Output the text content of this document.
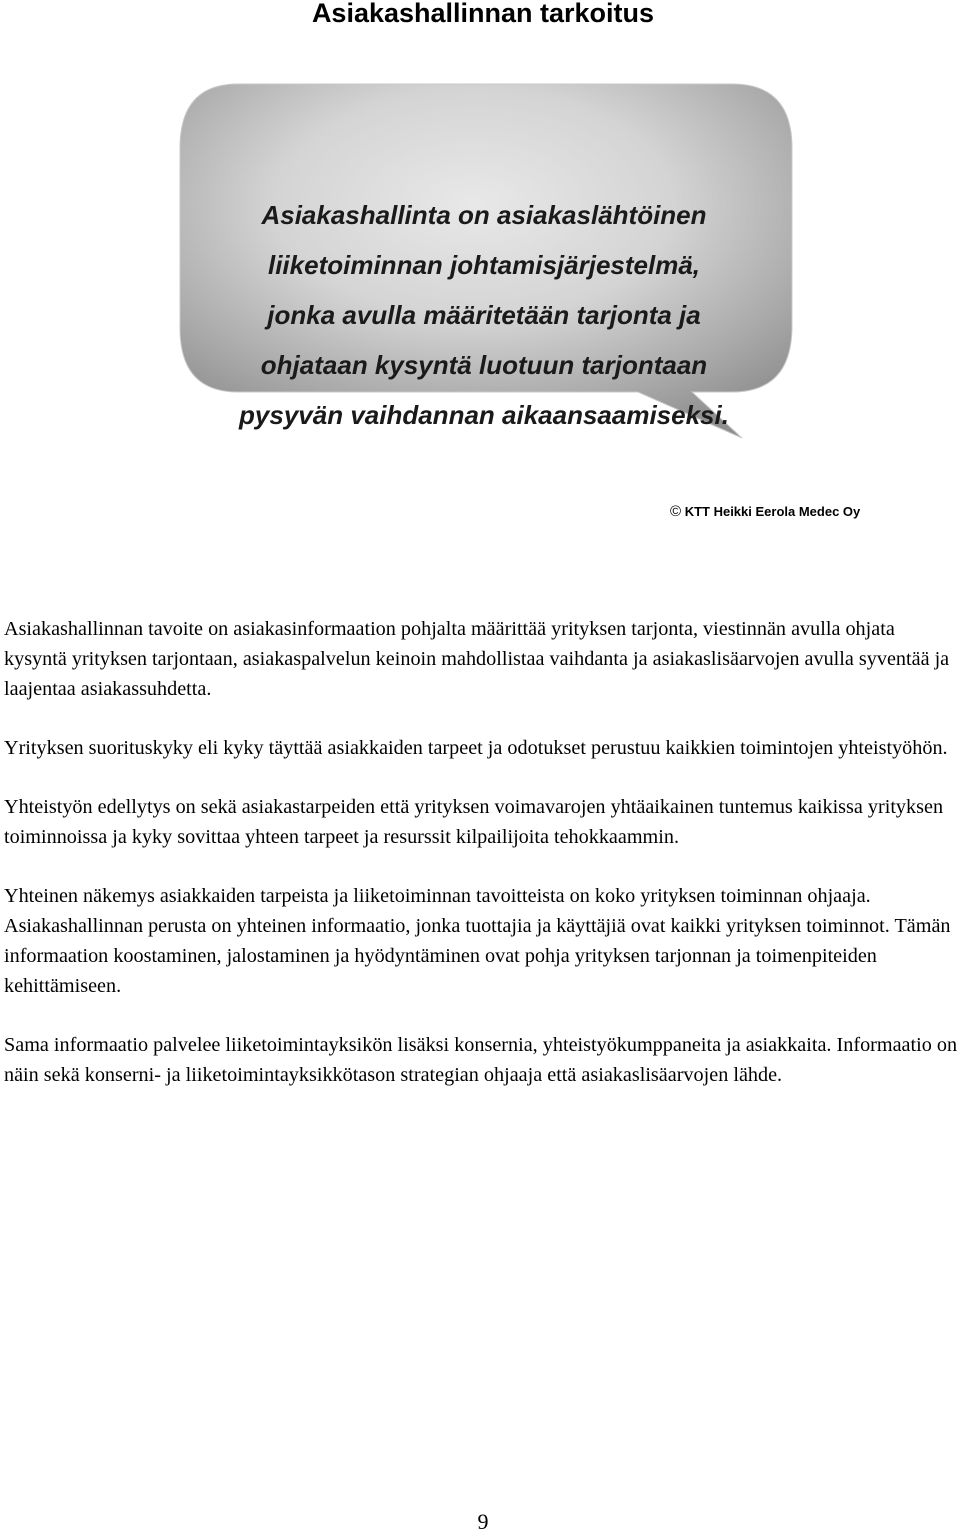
Asiakashallinnan tarkoitus
Asiakashallinta on asiakaslähtöinen
liiketoiminnan johtamisjärjestelmä,
jonka avulla määritetään tarjonta ja
ohjataan kysyntä luotuun tarjontaan
pysyvän vaihdannan aikaansaamiseksi.
© KTT Heikki Eerola Medec Oy

Asiakashallinnan tavoite on asiakasinformaation pohjalta määrittää yrityksen tarjonta, viestinnän avulla ohjata kysyntä yrityksen tarjontaan, asiakaspalvelun keinoin mahdollistaa vaihdanta ja asiakaslisäarvojen avulla syventää ja laajentaa asiakassuhdetta.

Yrityksen suorituskyky eli kyky täyttää asiakkaiden tarpeet ja odotukset perustuu kaikkien toimintojen yhteistyöhön.

Yhteistyön edellytys on sekä asiakastarpeiden että yrityksen voimavarojen yhtäaikainen tuntemus kaikissa yrityksen toiminnoissa ja kyky sovittaa yhteen tarpeet ja resurssit kilpailijoita tehokkaammin.

Yhteinen näkemys asiakkaiden tarpeista ja liiketoiminnan tavoitteista on koko yrityksen toiminnan ohjaaja. Asiakashallinnan perusta on yhteinen informaatio, jonka tuottajia ja käyttäjiä ovat kaikki yrityksen toiminnot. Tämän informaation koostaminen, jalostaminen ja hyödyntäminen ovat pohja yrityksen tarjonnan ja toimenpiteiden kehittämiseen.

Sama informaatio palvelee liiketoimintayksikön lisäksi konsernia, yhteistyökumppaneita ja asiakkaita. Informaatio on näin sekä konserni- ja liiketoimintayksikkötason strategian ohjaaja että asiakaslisäarvojen lähde.

9
